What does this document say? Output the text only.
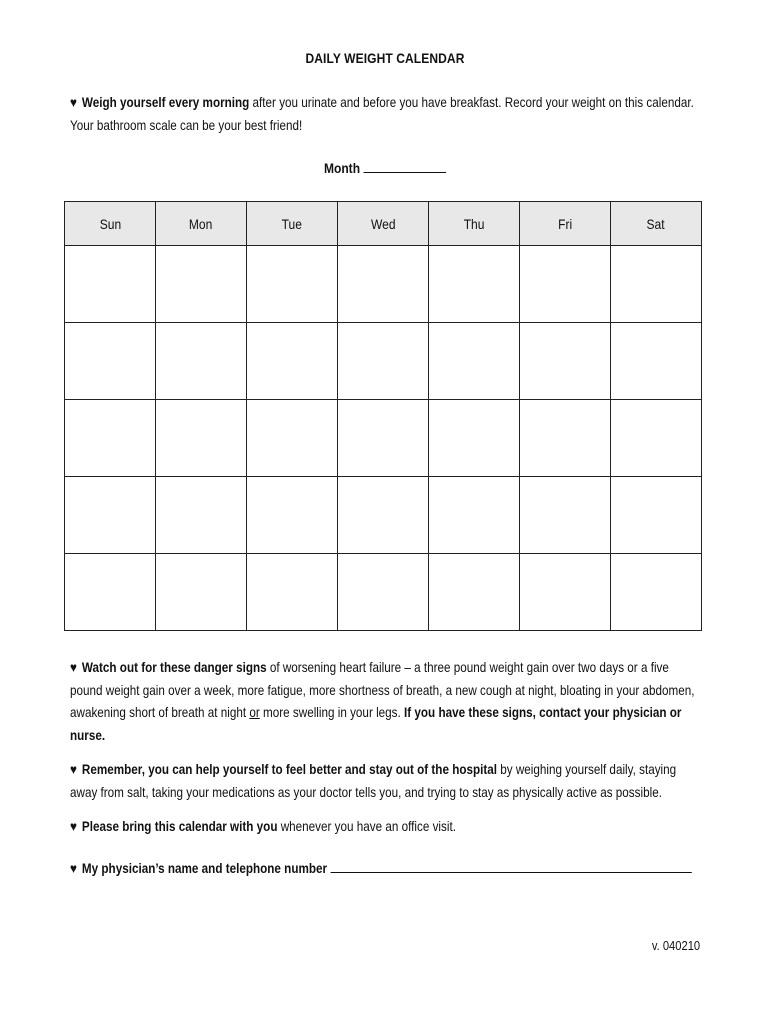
DAILY WEIGHT CALENDAR
♥ Weigh yourself every morning after you urinate and before you have breakfast. Record your weight on this calendar.
Your bathroom scale can be your best friend!
Month
Sun	Mon	Tue	Wed	Thu	Fri	Sat

♥ Watch out for these danger signs of worsening heart failure – a three pound weight gain over two days or a five
pound weight gain over a week, more fatigue, more shortness of breath, a new cough at night, bloating in your abdomen,
awakening short of breath at night or more swelling in your legs. If you have these signs, contact your physician or
nurse.
♥ Remember, you can help yourself to feel better and stay out of the hospital by weighing yourself daily, staying
away from salt, taking your medications as your doctor tells you, and trying to stay as physically active as possible.
♥ Please bring this calendar with you whenever you have an office visit.
♥ My physician’s name and telephone number
v. 040210
